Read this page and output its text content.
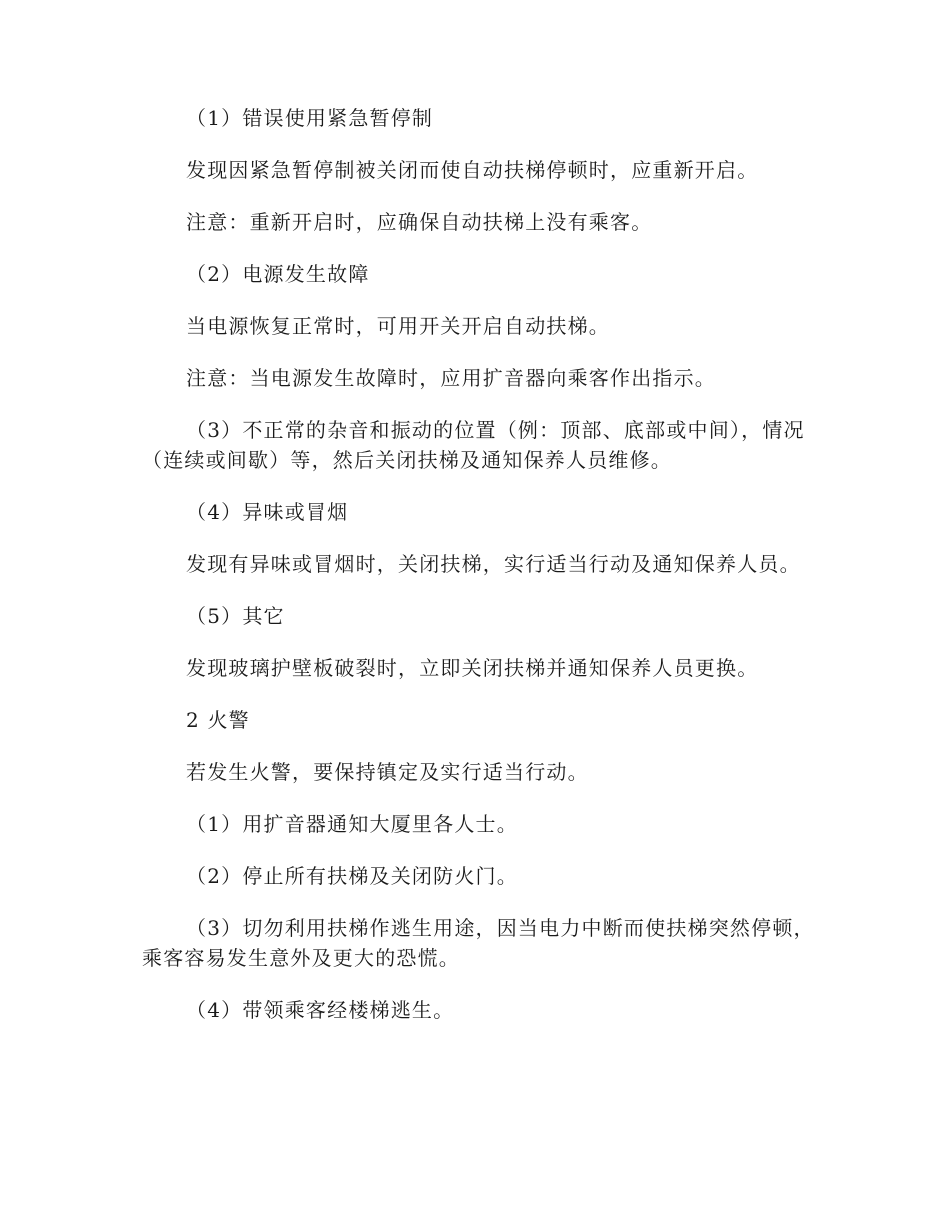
（1）错误使用紧急暂停制

发现因紧急暂停制被关闭而使自动扶梯停顿时，应重新开启。

注意：重新开启时，应确保自动扶梯上没有乘客。

（2）电源发生故障

当电源恢复正常时，可用开关开启自动扶梯。

注意：当电源发生故障时，应用扩音器向乘客作出指示。

（3）不正常的杂音和振动的位置（例：顶部、底部或中间），情况（连续或间歇）等，然后关闭扶梯及通知保养人员维修。

（4）异味或冒烟

发现有异味或冒烟时，关闭扶梯，实行适当行动及通知保养人员。

（5）其它

发现玻璃护壁板破裂时，立即关闭扶梯并通知保养人员更换。

2 火警

若发生火警，要保持镇定及实行适当行动。

（1）用扩音器通知大厦里各人士。

（2）停止所有扶梯及关闭防火门。

（3）切勿利用扶梯作逃生用途，因当电力中断而使扶梯突然停顿，乘客容易发生意外及更大的恐慌。

（4）带领乘客经楼梯逃生。
